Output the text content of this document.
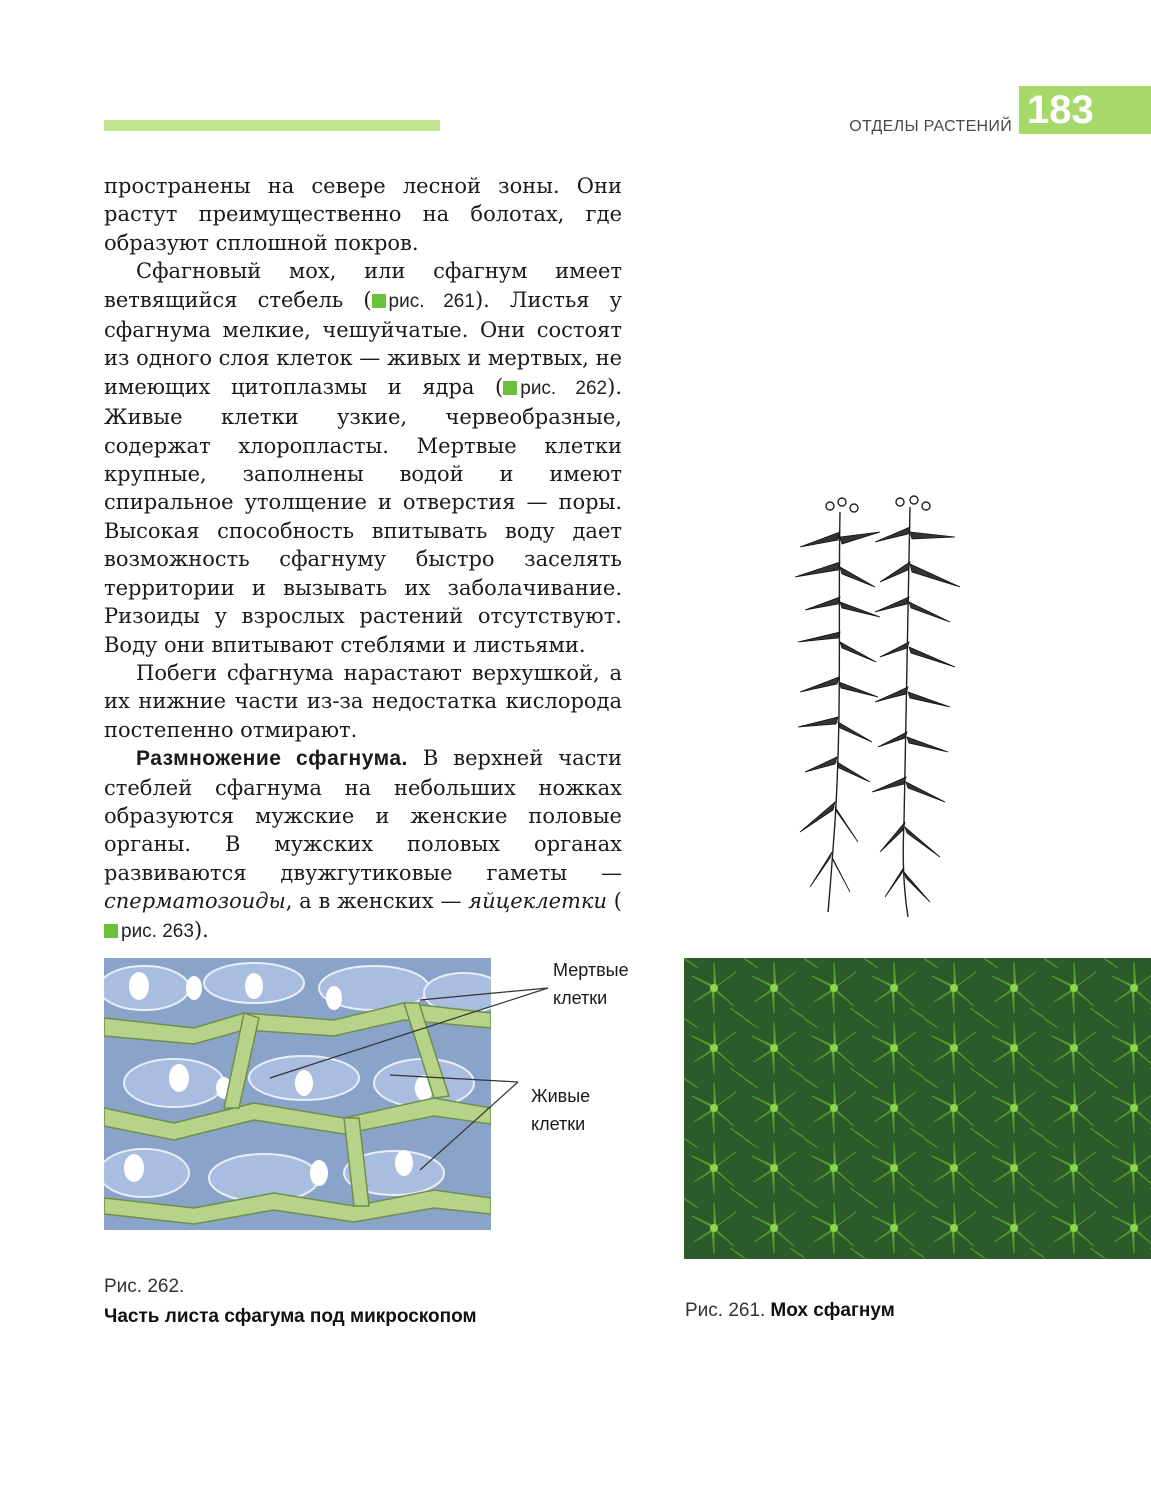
ОТДЕЛЫ РАСТЕНИЙ 183

пространены на севере лесной зоны. Они растут преимущественно на болотах, где образуют сплошной покров.

Сфагновый мох, или сфагнум имеет ветвящийся стебель ( рис. 261). Листья у сфагнума мелкие, чешуйчатые. Они состоят из одного слоя клеток — живых и мертвых, не имеющих цитоплазмы и ядра ( рис. 262). Живые клетки узкие, червеобразные, содержат хлоропласты. Мертвые клетки крупные, заполнены водой и имеют спиральное утолщение и отверстия — поры. Высокая способность впитывать воду дает возможность сфагнуму быстро заселять территории и вызывать их заболачивание. Ризоиды у взрослых растений отсутствуют. Воду они впитывают стеблями и листьями.

Побеги сфагнума нарастают верхушкой, а их нижние части из-за недостатка кислорода постепенно отмирают.

Размножение сфагнума. В верхней части стеблей сфагнума на небольших ножках образуются мужские и женские половые органы. В мужских половых органах развиваются двужгутиковые гаметы — сперматозоиды, а в женских — яйцеклетки (рис. 263).

Мертвые
клетки
Живые
клетки
Рис. 262.
Часть листа сфагума под микроскопом	Рис. 261. Мох сфагнум
